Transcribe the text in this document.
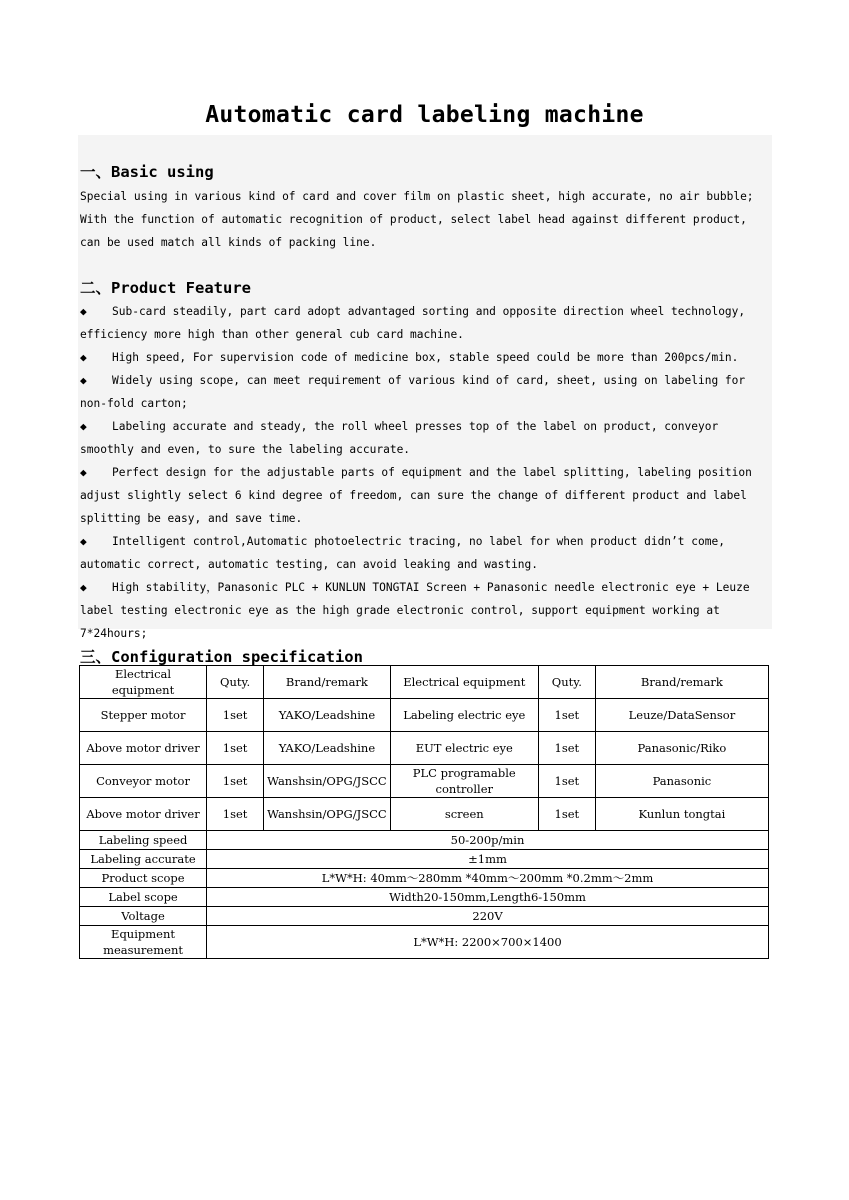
Automatic card labeling machine
一、Basic using
Special using in various kind of card and cover film on plastic sheet, high accurate, no air bubble; With the function of automatic recognition of product, select label head against different product, can be used match all kinds of packing line.
二、Product Feature
◆ Sub-card steadily, part card adopt advantaged sorting and opposite direction wheel technology, efficiency more high than other general cub card machine.
◆ High speed, For supervision code of medicine box, stable speed could be more than 200pcs/min.
◆ Widely using scope, can meet requirement of various kind of card, sheet, using on labeling for non-fold carton;
◆ Labeling accurate and steady, the roll wheel presses top of the label on product, conveyor smoothly and even, to sure the labeling accurate.
◆ Perfect design for the adjustable parts of equipment and the label splitting, labeling position adjust slightly select 6 kind degree of freedom, can sure the change of different product and label splitting be easy, and save time.
◆ Intelligent control,Automatic photoelectric tracing, no label for when product didn’t come, automatic correct, automatic testing, can avoid leaking and wasting.
◆ High stability，Panasonic PLC + KUNLUN TONGTAI Screen + Panasonic needle electronic eye + Leuze label testing electronic eye as the high grade electronic control, support equipment working at 7*24hours;
三、Configuration specification
Electrical equipment	Quty.	Brand/remark	Electrical equipment	Quty.	Brand/remark
Stepper motor	1set	YAKO/Leadshine	Labeling electric eye	1set	Leuze/DataSensor
Above motor driver	1set	YAKO/Leadshine	EUT electric eye	1set	Panasonic/Riko
Conveyor motor	1set	Wanshsin/OPG/JSCC	PLC programable controller	1set	Panasonic
Above motor driver	1set	Wanshsin/OPG/JSCC	screen	1set	Kunlun tongtai
Labeling speed	50-200p/min				
Labeling accurate	±1mm				
Product scope	L*W*H: 40mm～280mm *40mm～200mm *0.2mm～2mm				
Label scope	Width20-150mm,Length6-150mm				
Voltage	220V				
Equipment measurement	L*W*H: 2200×700×1400				
